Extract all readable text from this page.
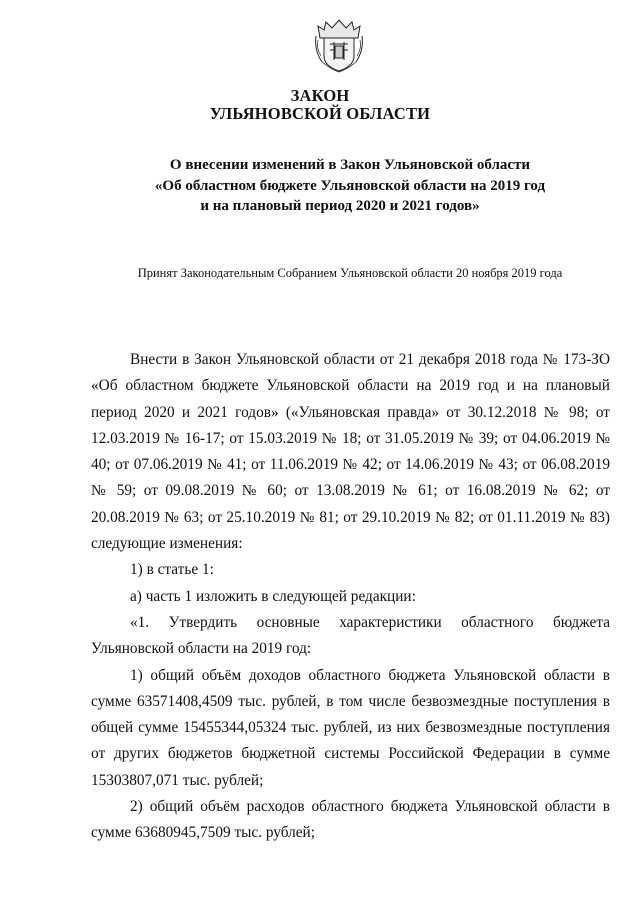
ЗАКОН
УЛЬЯНОВСКОЙ ОБЛАСТИ
О внесении изменений в Закон Ульяновской области
«Об областном бюджете Ульяновской области на 2019 год
и на плановый период 2020 и 2021 годов»
Принят Законодательным Собранием Ульяновской области 20 ноября 2019 года

Внести в Закон Ульяновской области от 21 декабря 2018 года № 173-ЗО «Об областном бюджете Ульяновской области на 2019 год и на плановый период 2020 и 2021 годов» («Ульяновская правда» от 30.12.2018 № 98; от 12.03.2019 № 16-17; от 15.03.2019 № 18; от 31.05.2019 № 39; от 04.06.2019 № 40; от 07.06.2019 № 41; от 11.06.2019 № 42; от 14.06.2019 № 43; от 06.08.2019 № 59; от 09.08.2019 № 60; от 13.08.2019 № 61; от 16.08.2019 № 62; от 20.08.2019 № 63; от 25.10.2019 № 81; от 29.10.2019 № 82; от 01.11.2019 № 83) следующие изменения:

1) в статье 1:

а) часть 1 изложить в следующей редакции:

«1. Утвердить основные характеристики областного бюджета Ульяновской области на 2019 год:

1) общий объём доходов областного бюджета Ульяновской области в сумме 63571408,4509 тыс. рублей, в том числе безвозмездные поступления в общей сумме 15455344,05324 тыс. рублей, из них безвозмездные поступления от других бюджетов бюджетной системы Российской Федерации в сумме 15303807,071 тыс. рублей;

2) общий объём расходов областного бюджета Ульяновской области в сумме 63680945,7509 тыс. рублей;
